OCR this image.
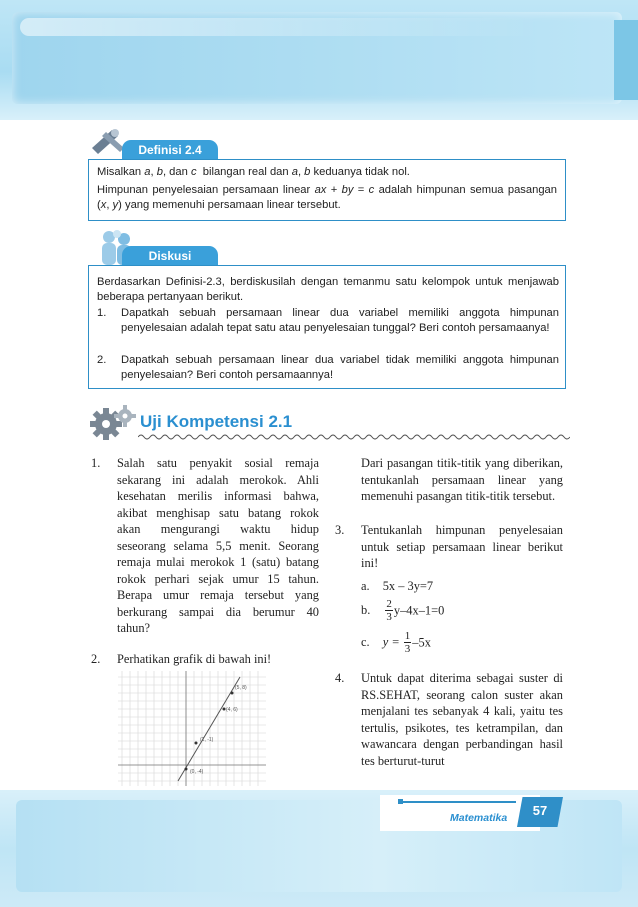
Definisi 2.4
Misalkan a, b, dan c  bilangan real dan a, b keduanya tidak nol.
Himpunan penyelesaian persamaan linear ax + by = c adalah himpunan semua pasangan (x, y) yang memenuhi persamaan linear tersebut.
Diskusi
Berdasarkan Definisi-2.3, berdiskusilah dengan temanmu satu kelompok untuk menjawab beberapa pertanyaan berikut.
1. Dapatkah sebuah persamaan linear dua variabel memiliki anggota himpunan penyelesaian adalah tepat satu atau penyelesaian tunggal? Beri contoh persamaanya!
2. Dapatkah sebuah persamaan linear dua variabel tidak memiliki anggota himpunan penyelesaian? Beri contoh persamaannya!
Uji Kompetensi 2.1
1. Salah satu penyakit sosial remaja sekarang ini adalah merokok. Ahli kesehatan merilis informasi bahwa, akibat menghisap satu batang rokok akan mengurangi waktu hidup seseorang selama 5,5 menit. Seorang remaja mulai merokok 1 (satu) batang rokok perhari sejak umur 15 tahun. Berapa umur remaja tersebut yang berkurang sampai dia berumur 40 tahun?
2. Perhatikan grafik di bawah ini!
(5, 8)
(4, 6)
(1, -1)
(0, -4)
Dari pasangan titik-titik yang diberikan, tentukanlah persamaan linear yang memenuhi pasangan titik-titik tersebut.
3. Tentukanlah himpunan penyelesaian untuk setiap persamaan linear berikut ini!
a. 5x – 3y=7
b. $\frac{2}{3} y-4x-1=0$
c. $y = \frac{1}{3} -5x$
4. Untuk dapat diterima sebagai suster di RS.SEHAT, seorang calon suster akan menjalani tes sebanyak 4 kali, yaitu tes tertulis, psikotes, tes ketrampilan, dan wawancara dengan perbandingan hasil tes berturut-turut
Matematika	57
